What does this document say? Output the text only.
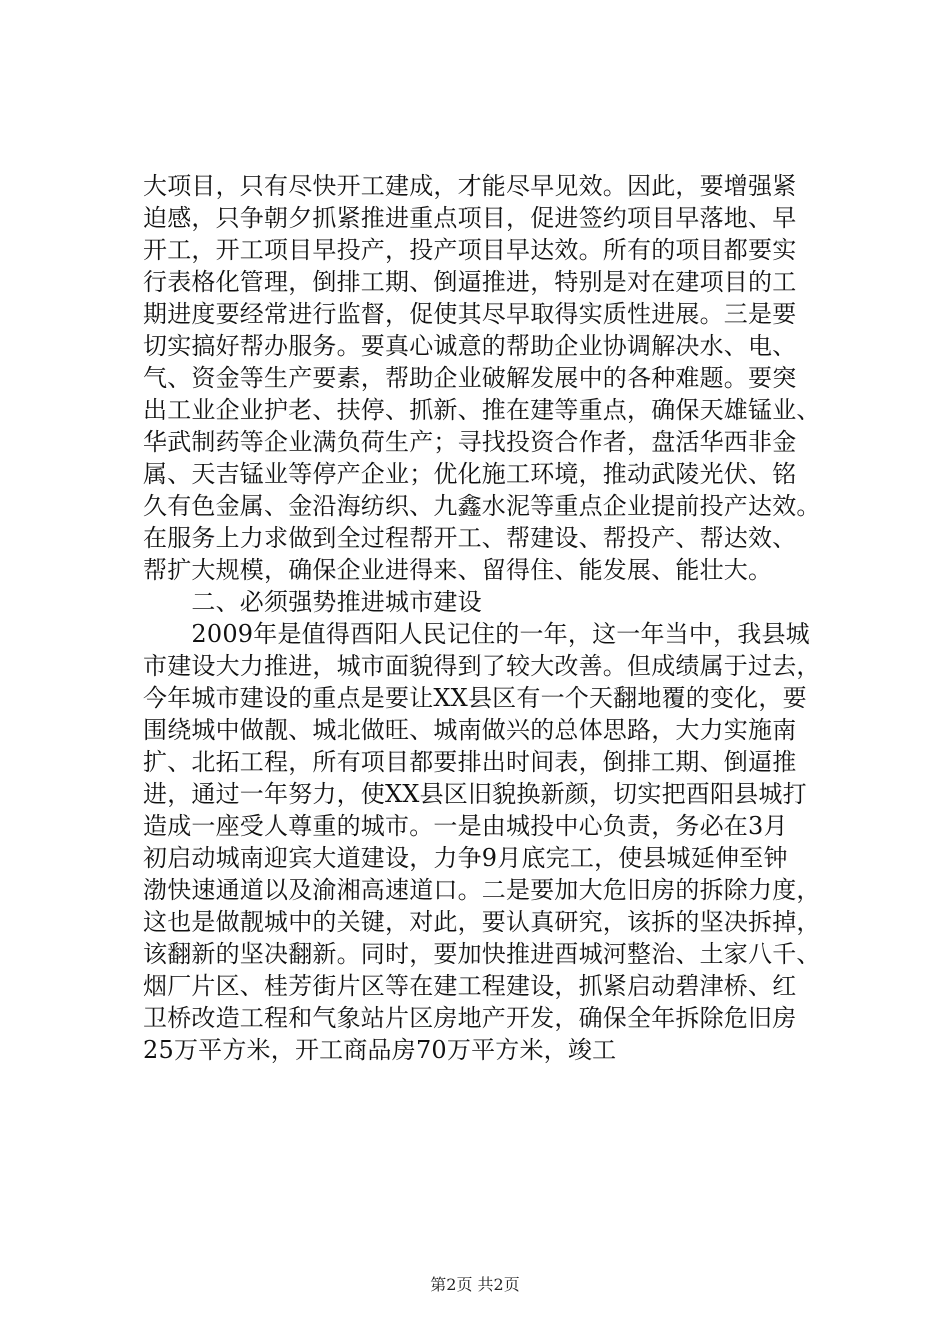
大项目，只有尽快开工建成，才能尽早见效。因此，要增强紧
迫感，只争朝夕抓紧推进重点项目，促进签约项目早落地、早
开工，开工项目早投产，投产项目早达效。所有的项目都要实
行表格化管理，倒排工期、倒逼推进，特别是对在建项目的工
期进度要经常进行监督，促使其尽早取得实质性进展。三是要
切实搞好帮办服务。要真心诚意的帮助企业协调解决水、电、
气、资金等生产要素，帮助企业破解发展中的各种难题。要突
出工业企业护老、扶停、抓新、推在建等重点，确保天雄锰业、
华武制药等企业满负荷生产；寻找投资合作者，盘活华西非金
属、天吉锰业等停产企业；优化施工环境，推动武陵光伏、铭
久有色金属、金沿海纺织、九鑫水泥等重点企业提前投产达效。
在服务上力求做到全过程帮开工、帮建设、帮投产、帮达效、
帮扩大规模，确保企业进得来、留得住、能发展、能壮大。
　　二、必须强势推进城市建设
　　2009年是值得酉阳人民记住的一年，这一年当中，我县城
市建设大力推进，城市面貌得到了较大改善。但成绩属于过去，
今年城市建设的重点是要让XX县区有一个天翻地覆的变化，要
围绕城中做靓、城北做旺、城南做兴的总体思路，大力实施南
扩、北拓工程，所有项目都要排出时间表，倒排工期、倒逼推
进，通过一年努力，使XX县区旧貌换新颜，切实把酉阳县城打
造成一座受人尊重的城市。一是由城投中心负责，务必在3月
初启动城南迎宾大道建设，力争9月底完工，使县城延伸至钟
渤快速通道以及渝湘高速道口。二是要加大危旧房的拆除力度，
这也是做靓城中的关键，对此，要认真研究，该拆的坚决拆掉，
该翻新的坚决翻新。同时，要加快推进酉城河整治、土家八千、
烟厂片区、桂芳街片区等在建工程建设，抓紧启动碧津桥、红
卫桥改造工程和气象站片区房地产开发，确保全年拆除危旧房
25万平方米，开工商品房70万平方米，竣工
第2页 共2页
